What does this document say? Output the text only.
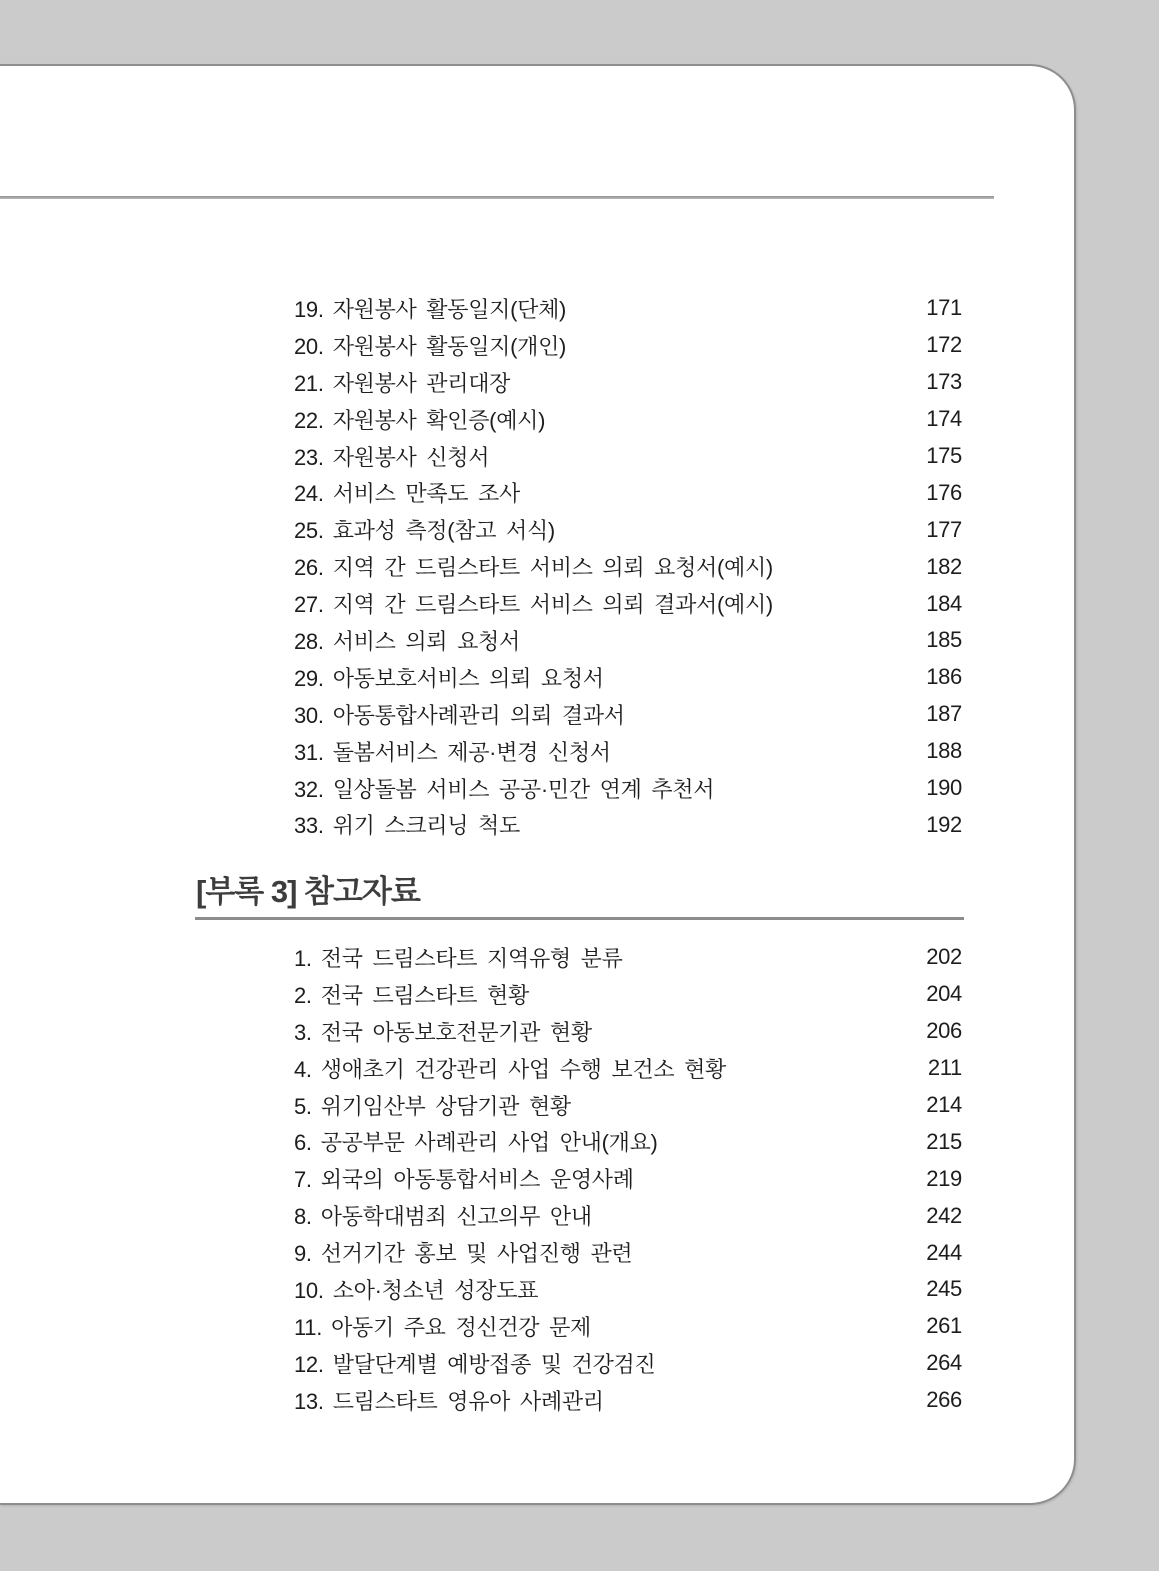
19. 자원봉사 활동일지(단체)	171
20. 자원봉사 활동일지(개인)	172
21. 자원봉사 관리대장	173
22. 자원봉사 확인증(예시)	174
23. 자원봉사 신청서	175
24. 서비스 만족도 조사	176
25. 효과성 측정(참고 서식)	177
26. 지역 간 드림스타트 서비스 의뢰 요청서(예시)	182
27. 지역 간 드림스타트 서비스 의뢰 결과서(예시)	184
28. 서비스 의뢰 요청서	185
29. 아동보호서비스 의뢰 요청서	186
30. 아동통합사례관리 의뢰 결과서	187
31. 돌봄서비스 제공·변경 신청서	188
32. 일상돌봄 서비스 공공·민간 연계 추천서	190
33. 위기 스크리닝 척도	192
[부록 3] 참고자료
1. 전국 드림스타트 지역유형 분류	202
2. 전국 드림스타트 현황	204
3. 전국 아동보호전문기관 현황	206
4. 생애초기 건강관리 사업 수행 보건소 현황	211
5. 위기임산부 상담기관 현황	214
6. 공공부문 사례관리 사업 안내(개요)	215
7. 외국의 아동통합서비스 운영사례	219
8. 아동학대범죄 신고의무 안내	242
9. 선거기간 홍보 및 사업진행 관련	244
10. 소아·청소년 성장도표	245
11. 아동기 주요 정신건강 문제	261
12. 발달단계별 예방접종 및 건강검진	264
13. 드림스타트 영유아 사례관리	266
